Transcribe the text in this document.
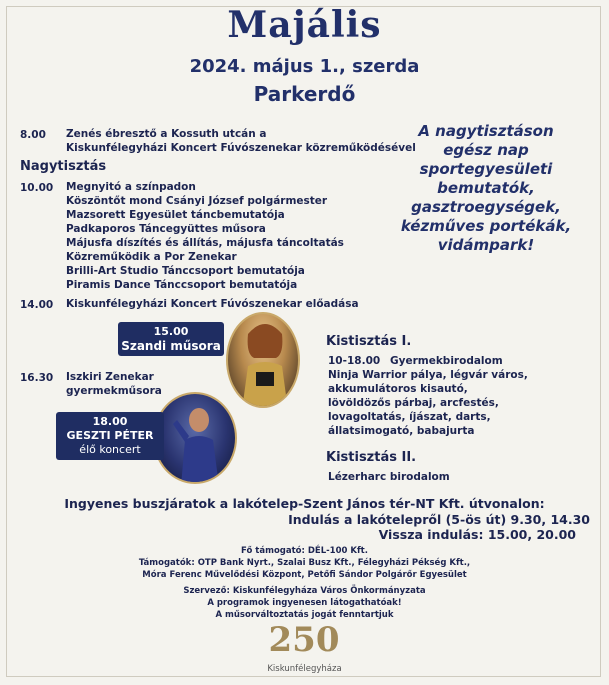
Majális
2024. május 1., szerda
Parkerdő
8.00 Zenés ébresztő a Kossuth utcán a
Kiskunfélegyházi Koncert Fúvószenekar közreműködésével
Nagytisztás
10.00 Megnyitó a színpadon
Köszöntőt mond Csányi József polgármester
Mazsorett Egyesület táncbemutatója
Padkaporos Táncegyüttes műsora
Májusfa díszítés és állítás, májusfa táncoltatás
Közreműködik a Por Zenekar
Brilli-Art Studio Tánccsoport bemutatója
Piramis Dance Tánccsoport bemutatója
14.00 Kiskunfélegyházi Koncert Fúvószenekar előadása
A nagytisztáson
egész nap
sportegyesületi
bemutatók,
gasztroegységek,
kézműves portékák,
vidámpark!
15.00
Szandi műsora
16.30 Iszkiri Zenekar
gyermekműsora
18.00
GESZTI PÉTER
élő koncert
Kistisztás I.
10-18.00 Gyermekbirodalom
Ninja Warrior pálya, légvár város,
akkumulátoros kisautó,
lövöldözős párbaj, arcfestés,
lovagoltatás, íjászat, darts,
állatsimogató, babajurta
Kistisztás II.
Lézerharc birodalom
Ingyenes buszjáratok a lakótelep-Szent János tér-NT Kft. útvonalon:
Indulás a lakótelepről (5-ös út) 9.30, 14.30
Vissza indulás: 15.00, 20.00
Fő támogató: DÉL-100 Kft.
Támogatók: OTP Bank Nyrt., Szalai Busz Kft., Félegyházi Pékség Kft.,
Móra Ferenc Művelődési Központ, Petőfi Sándor Polgárőr Egyesület
Szervező: Kiskunfélegyháza Város Önkormányzata
A programok ingyenesen látogathatóak!
A műsorváltoztatás jogát fenntartjuk
250
Kiskunfélegyháza
